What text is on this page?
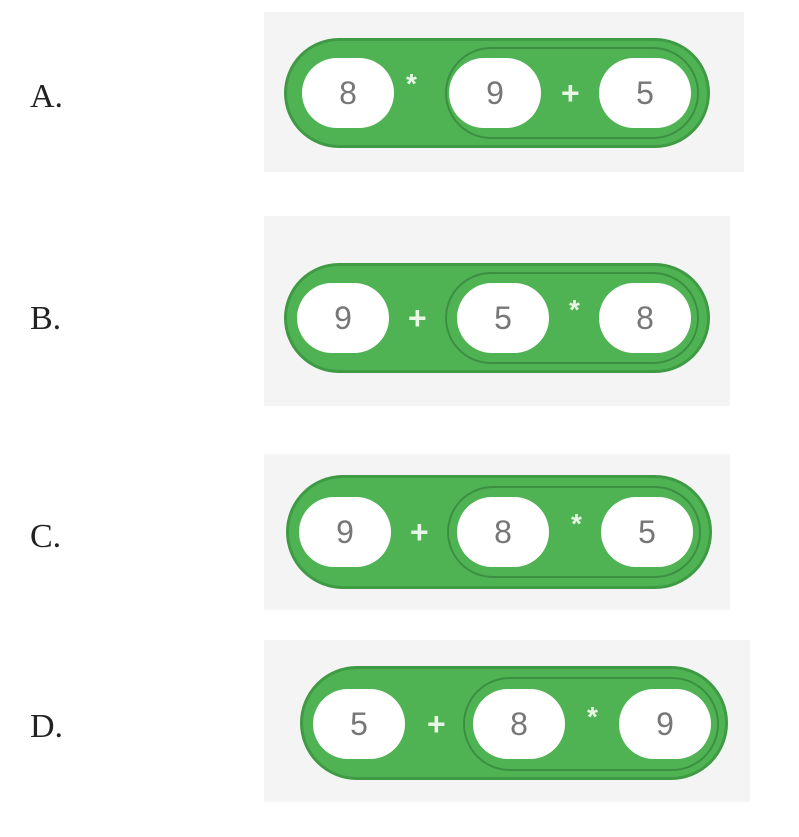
A.	8	*	9	+	5
B.	9	+	5	*	8
C.	9	+	8	*	5
D.	5	+	8	*	9
